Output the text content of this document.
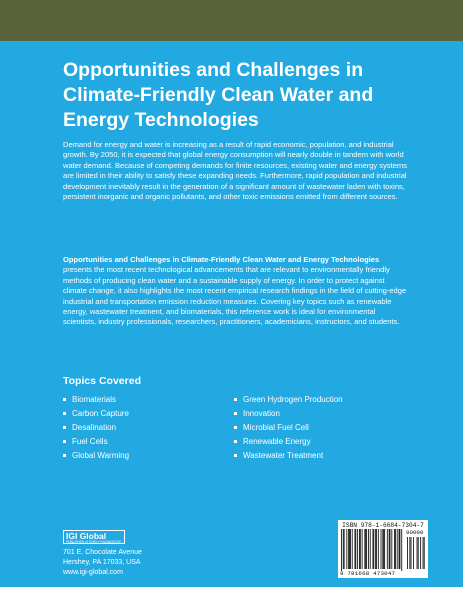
Opportunities and Challenges in Climate-Friendly Clean Water and Energy Technologies

Demand for energy and water is increasing as a result of rapid economic, population, and industrial growth. By 2050, it is expected that global energy consumption will nearly double in tandem with world water demand. Because of competing demands for finite resources, existing water and energy systems are limited in their ability to satisfy these expanding needs. Furthermore, rapid population and industrial development inevitably result in the generation of a significant amount of wastewater laden with toxins, persistent inorganic and organic pollutants, and other toxic emissions emitted from different sources.

Opportunities and Challenges in Climate-Friendly Clean Water and Energy Technologies presents the most recent technological advancements that are relevant to environmentally friendly methods of producing clean water and a sustainable supply of energy. In order to protect against climate change, it also highlights the most recent empirical research findings in the field of cutting-edge industrial and transportation emission reduction measures. Covering key topics such as renewable energy, wastewater treatment, and biomaterials, this reference work is ideal for environmental scientists, industry professionals, researchers, practitioners, academicians, instructors, and students.

Topics Covered
Biomaterials
Carbon Capture
Desalination
Fuel Cells
Global Warming
Green Hydrogen Production
Innovation
Microbial Fuel Cell
Renewable Energy
Wastewater Treatment
IGI Global
PUBLISHER of TIMELY KNOWLEDGE
701 E. Chocolate Avenue
Hershey, PA 17033, USA
www.igi-global.com
ISBN 978-1-6684-7304-7
90000
9 781668 473047
